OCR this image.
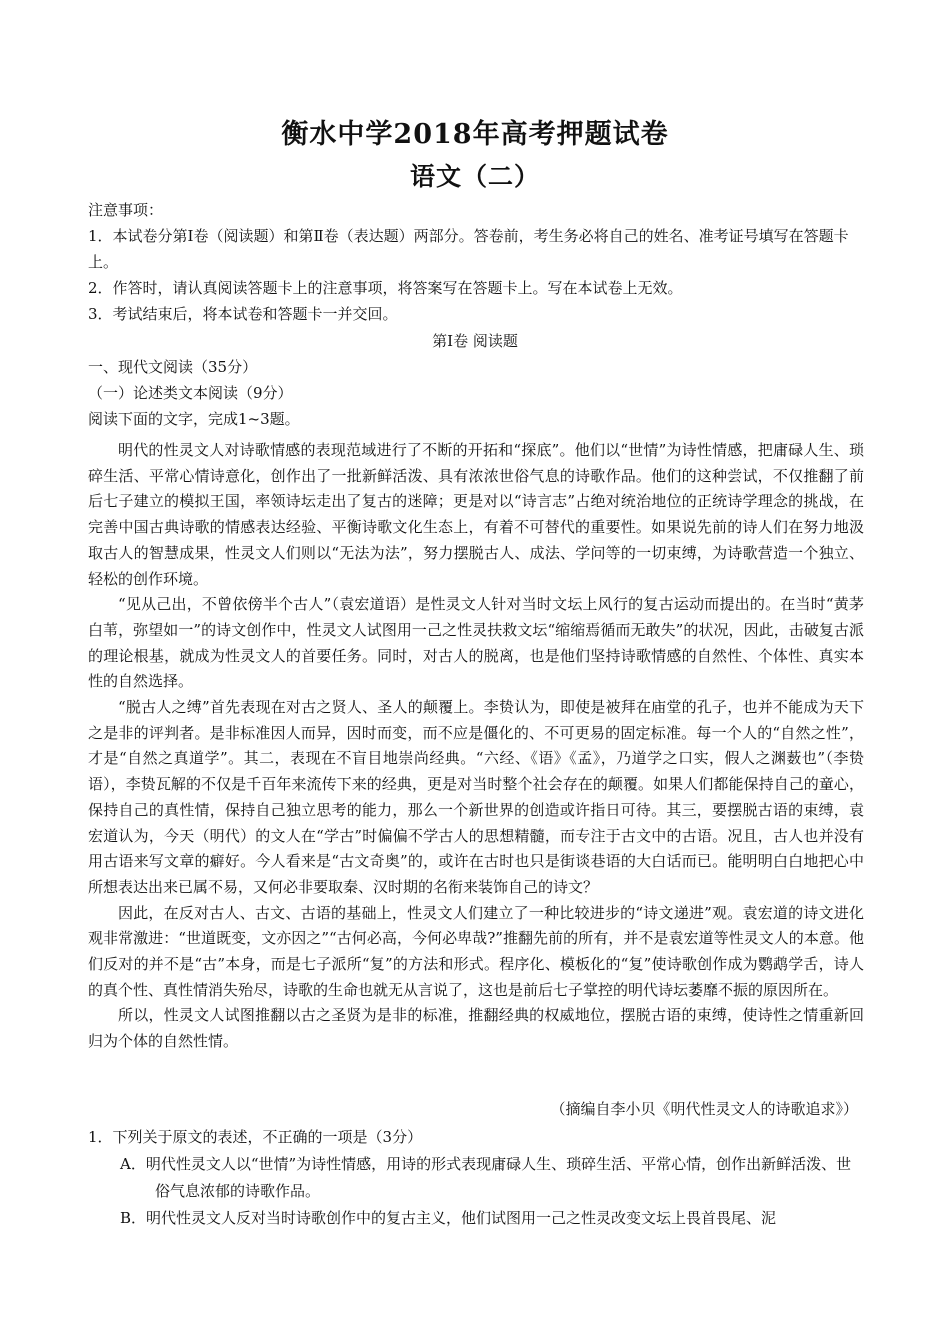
衡水中学2018年高考押题试卷
语文（二）

注意事项：

1．本试卷分第Ⅰ卷（阅读题）和第Ⅱ卷（表达题）两部分。答卷前，考生务必将自己的姓名、准考证号填写在答题卡上。

2．作答时，请认真阅读答题卡上的注意事项，将答案写在答题卡上。写在本试卷上无效。

3．考试结束后，将本试卷和答题卡一并交回。

第Ⅰ卷 阅读题

一、现代文阅读（35分）

（一）论述类文本阅读（9分）

阅读下面的文字，完成1~3题。

明代的性灵文人对诗歌情感的表现范域进行了不断的开拓和“探底”。他们以“世情”为诗性情感，把庸碌人生、琐碎生活、平常心情诗意化，创作出了一批新鲜活泼、具有浓浓世俗气息的诗歌作品。他们的这种尝试，不仅推翻了前后七子建立的模拟王国，率领诗坛走出了复古的迷障；更是对以“诗言志”占绝对统治地位的正统诗学理念的挑战，在完善中国古典诗歌的情感表达经验、平衡诗歌文化生态上，有着不可替代的重要性。如果说先前的诗人们在努力地汲取古人的智慧成果，性灵文人们则以“无法为法”，努力摆脱古人、成法、学问等的一切束缚，为诗歌营造一个独立、轻松的创作环境。

“见从己出，不曾依傍半个古人”（袁宏道语）是性灵文人针对当时文坛上风行的复古运动而提出的。在当时“黄茅白苇，弥望如一”的诗文创作中，性灵文人试图用一己之性灵扶救文坛“缩缩焉循而无敢失”的状况，因此，击破复古派的理论根基，就成为性灵文人的首要任务。同时，对古人的脱离，也是他们坚持诗歌情感的自然性、个体性、真实本性的自然选择。

“脱古人之缚”首先表现在对古之贤人、圣人的颠覆上。李贽认为，即使是被拜在庙堂的孔子，也并不能成为天下之是非的评判者。是非标准因人而异，因时而变，而不应是僵化的、不可更易的固定标准。每一个人的“自然之性”，才是“自然之真道学”。其二，表现在不盲目地崇尚经典。“六经、《语》《孟》，乃道学之口实，假人之渊薮也”（李贽语），李贽瓦解的不仅是千百年来流传下来的经典，更是对当时整个社会存在的颠覆。如果人们都能保持自己的童心，保持自己的真性情，保持自己独立思考的能力，那么一个新世界的创造或许指日可待。其三，要摆脱古语的束缚，袁宏道认为，今天（明代）的文人在“学古”时偏偏不学古人的思想精髓，而专注于古文中的古语。况且，古人也并没有用古语来写文章的癖好。今人看来是“古文奇奥”的，或许在古时也只是街谈巷语的大白话而已。能明明白白地把心中所想表达出来已属不易，又何必非要取秦、汉时期的名衔来装饰自己的诗文？

因此，在反对古人、古文、古语的基础上，性灵文人们建立了一种比较进步的“诗文递进”观。袁宏道的诗文进化观非常激进：“世道既变，文亦因之”“古何必高，今何必卑哉?”推翻先前的所有，并不是袁宏道等性灵文人的本意。他们反对的并不是“古”本身，而是七子派所“复”的方法和形式。程序化、模板化的“复”使诗歌创作成为鹦鹉学舌，诗人的真个性、真性情消失殆尽，诗歌的生命也就无从言说了，这也是前后七子掌控的明代诗坛萎靡不振的原因所在。

所以，性灵文人试图推翻以古之圣贤为是非的标准，推翻经典的权威地位，摆脱古语的束缚，使诗性之情重新回归为个体的自然性情。

（摘编自李小贝《明代性灵文人的诗歌追求》）

1．下列关于原文的表述，不正确的一项是（3分）

A．明代性灵文人以“世情”为诗性情感，用诗的形式表现庸碌人生、琐碎生活、平常心情，创作出新鲜活泼、世俗气息浓郁的诗歌作品。

B．明代性灵文人反对当时诗歌创作中的复古主义，他们试图用一己之性灵改变文坛上畏首畏尾、泥
